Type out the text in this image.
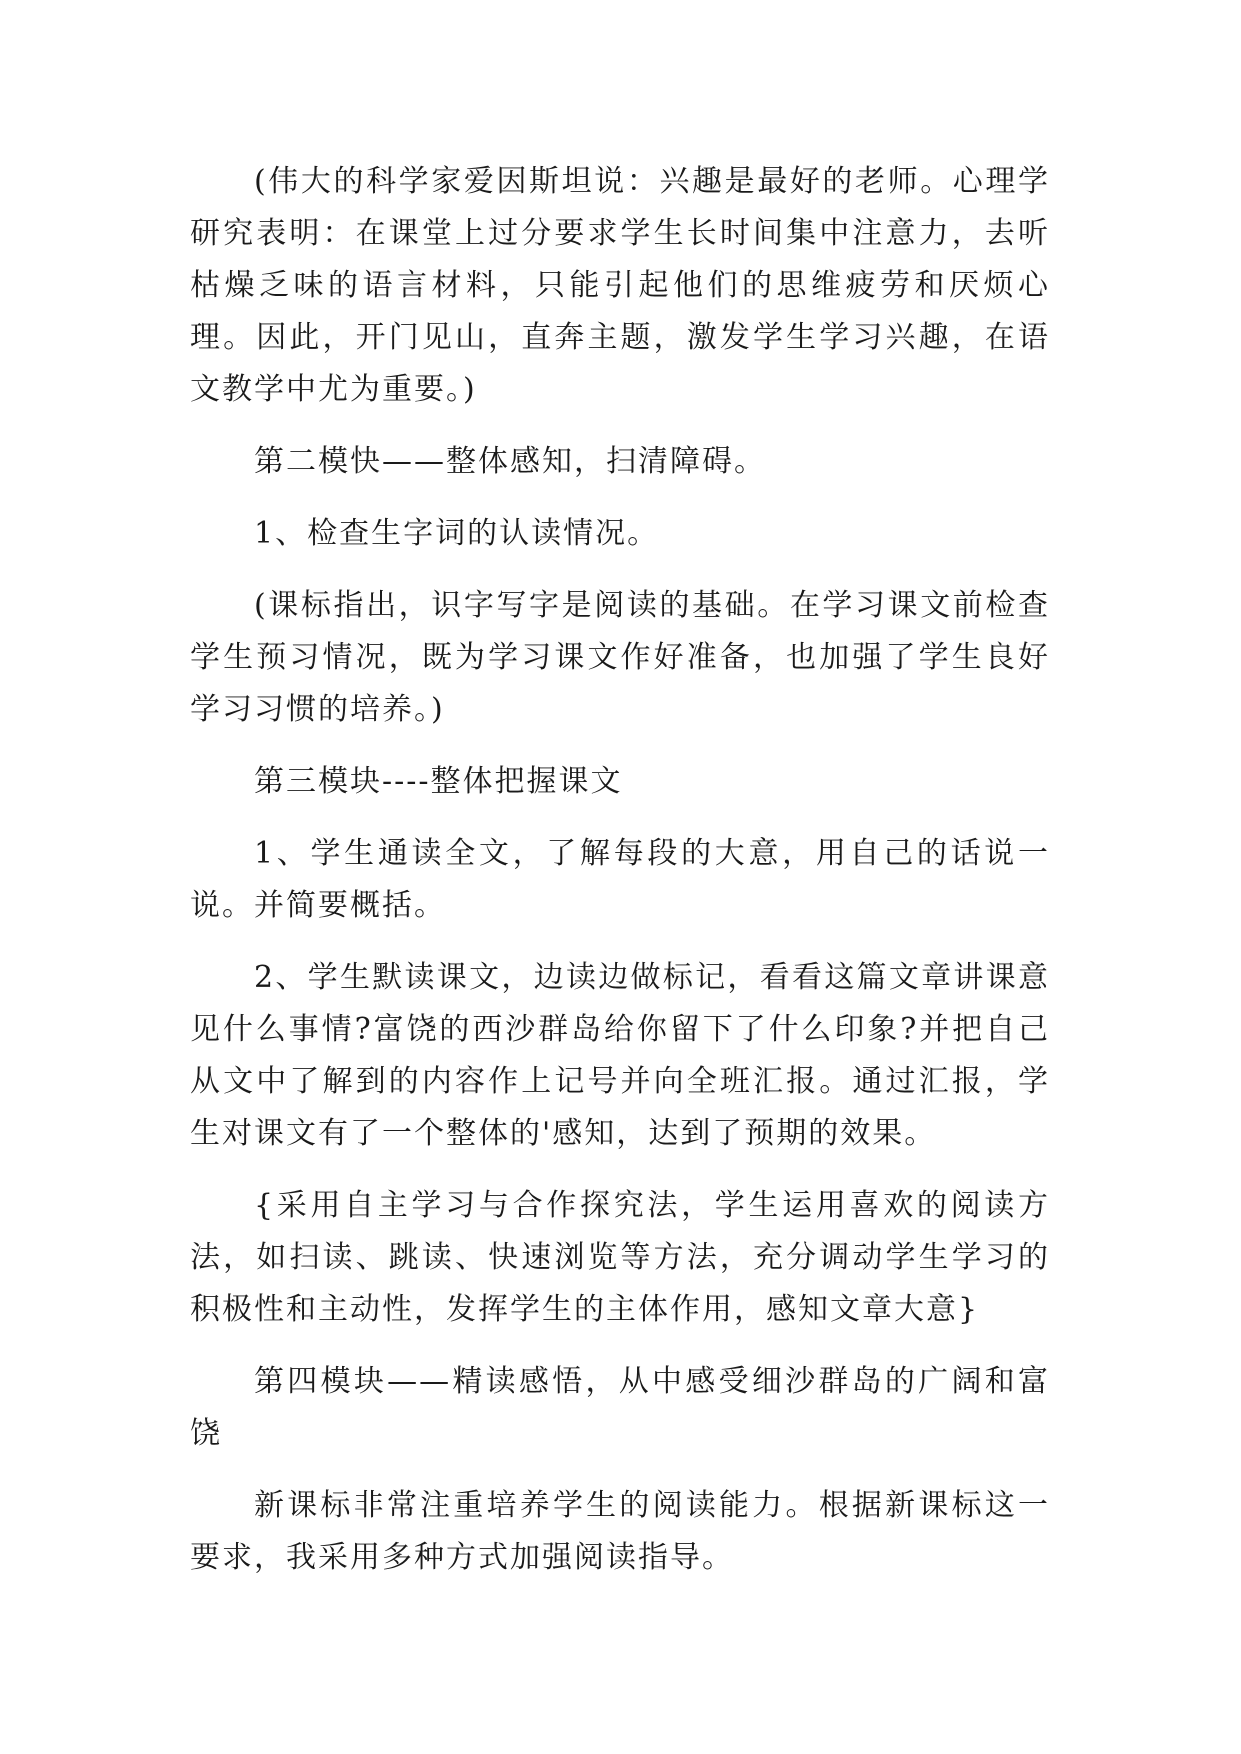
(伟大的科学家爱因斯坦说：兴趣是最好的老师。心理学研究表明：在课堂上过分要求学生长时间集中注意力，去听枯燥乏味的语言材料，只能引起他们的思维疲劳和厌烦心理。因此，开门见山，直奔主题，激发学生学习兴趣，在语文教学中尤为重要。)

第二模快——整体感知，扫清障碍。

1、检查生字词的认读情况。

(课标指出，识字写字是阅读的基础。在学习课文前检查学生预习情况，既为学习课文作好准备，也加强了学生良好学习习惯的培养。)

第三模块----整体把握课文

1、学生通读全文，了解每段的大意，用自己的话说一说。并简要概括。

2、学生默读课文，边读边做标记，看看这篇文章讲课意见什么事情?富饶的西沙群岛给你留下了什么印象?并把自己从文中了解到的内容作上记号并向全班汇报。通过汇报，学生对课文有了一个整体的'感知，达到了预期的效果。

{采用自主学习与合作探究法，学生运用喜欢的阅读方法，如扫读、跳读、快速浏览等方法，充分调动学生学习的积极性和主动性，发挥学生的主体作用，感知文章大意}

第四模块——精读感悟，从中感受细沙群岛的广阔和富饶

新课标非常注重培养学生的阅读能力。根据新课标这一要求，我采用多种方式加强阅读指导。
